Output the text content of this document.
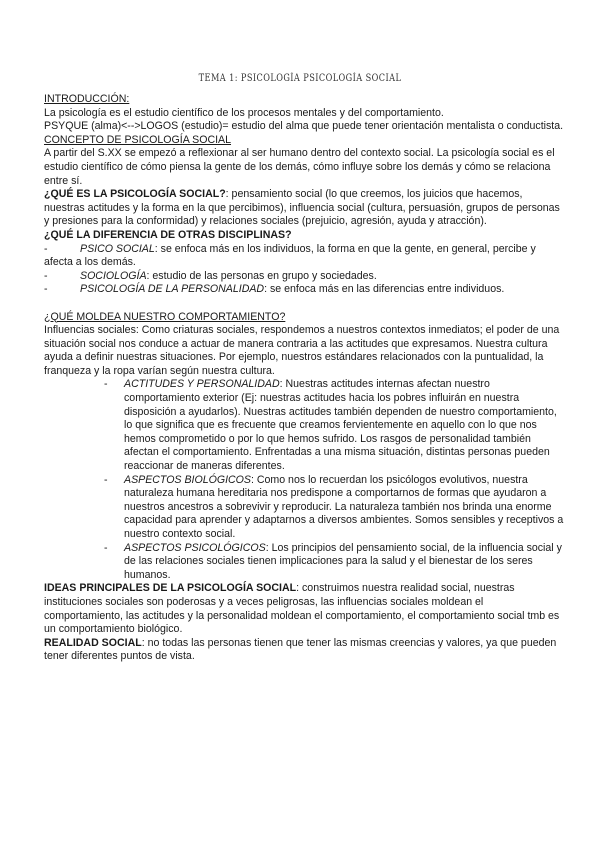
TEMA 1: PSICOLOGÍA PSICOLOGÍA SOCIAL

INTRODUCCIÓN:

La psicología es el estudio científico de los procesos mentales y del comportamiento.

PSYQUE (alma)<-->LOGOS (estudio)= estudio del alma que puede tener orientación mentalista o conductista.

CONCEPTO DE PSICOLOGÍA SOCIAL

A partir del S.XX se empezó a reflexionar al ser humano dentro del contexto social. La psicología social es el estudio científico de cómo piensa la gente de los demás, cómo influye sobre los demás y cómo se relaciona entre sí.

¿QUÉ ES LA PSICOLOGÍA SOCIAL?: pensamiento social (lo que creemos, los juicios que hacemos, nuestras actitudes y la forma en la que percibimos), influencia social (cultura, persuasión, grupos de personas y presiones para la conformidad) y relaciones sociales (prejuicio, agresión, ayuda y atracción).

¿QUÉ LA DIFERENCIA DE OTRAS DISCIPLINAS?

-	PSICO SOCIAL: se enfoca más en los individuos, la forma en que la gente, en general, percibe y afecta a los demás.
-	SOCIOLOGÍA: estudio de las personas en grupo y sociedades.
-	PSICOLOGÍA DE LA PERSONALIDAD: se enfoca más en las diferencias entre individuos.

¿QUÉ MOLDEA NUESTRO COMPORTAMIENTO?

Influencias sociales: Como criaturas sociales, respondemos a nuestros contextos inmediatos; el poder de una situación social nos conduce a actuar de manera contraria a las actitudes que expresamos. Nuestra cultura ayuda a definir nuestras situaciones. Por ejemplo, nuestros estándares relacionados con la puntualidad, la franqueza y la ropa varían según nuestra cultura.

- ACTITUDES Y PERSONALIDAD: Nuestras actitudes internas afectan nuestro comportamiento exterior (Ej: nuestras actitudes hacia los pobres influirán en nuestra disposición a ayudarlos). Nuestras actitudes también dependen de nuestro comportamiento, lo que significa que es frecuente que creamos fervientemente en aquello con lo que nos hemos comprometido o por lo que hemos sufrido. Los rasgos de personalidad también afectan el comportamiento. Enfrentadas a una misma situación, distintas personas pueden reaccionar de maneras diferentes.
- ASPECTOS BIOLÓGICOS: Como nos lo recuerdan los psicólogos evolutivos, nuestra naturaleza humana hereditaria nos predispone a comportarnos de formas que ayudaron a nuestros ancestros a sobrevivir y reproducir. La naturaleza también nos brinda una enorme capacidad para aprender y adaptarnos a diversos ambientes. Somos sensibles y receptivos a nuestro contexto social.
- ASPECTOS PSICOLÓGICOS: Los principios del pensamiento social, de la influencia social y de las relaciones sociales tienen implicaciones para la salud y el bienestar de los seres humanos.

IDEAS PRINCIPALES DE LA PSICOLOGÍA SOCIAL: construimos nuestra realidad social, nuestras instituciones sociales son poderosas y a veces peligrosas, las influencias sociales moldean el comportamiento, las actitudes y la personalidad moldean el comportamiento, el comportamiento social tmb es un comportamiento biológico.

REALIDAD SOCIAL: no todas las personas tienen que tener las mismas creencias y valores, ya que pueden tener diferentes puntos de vista.
